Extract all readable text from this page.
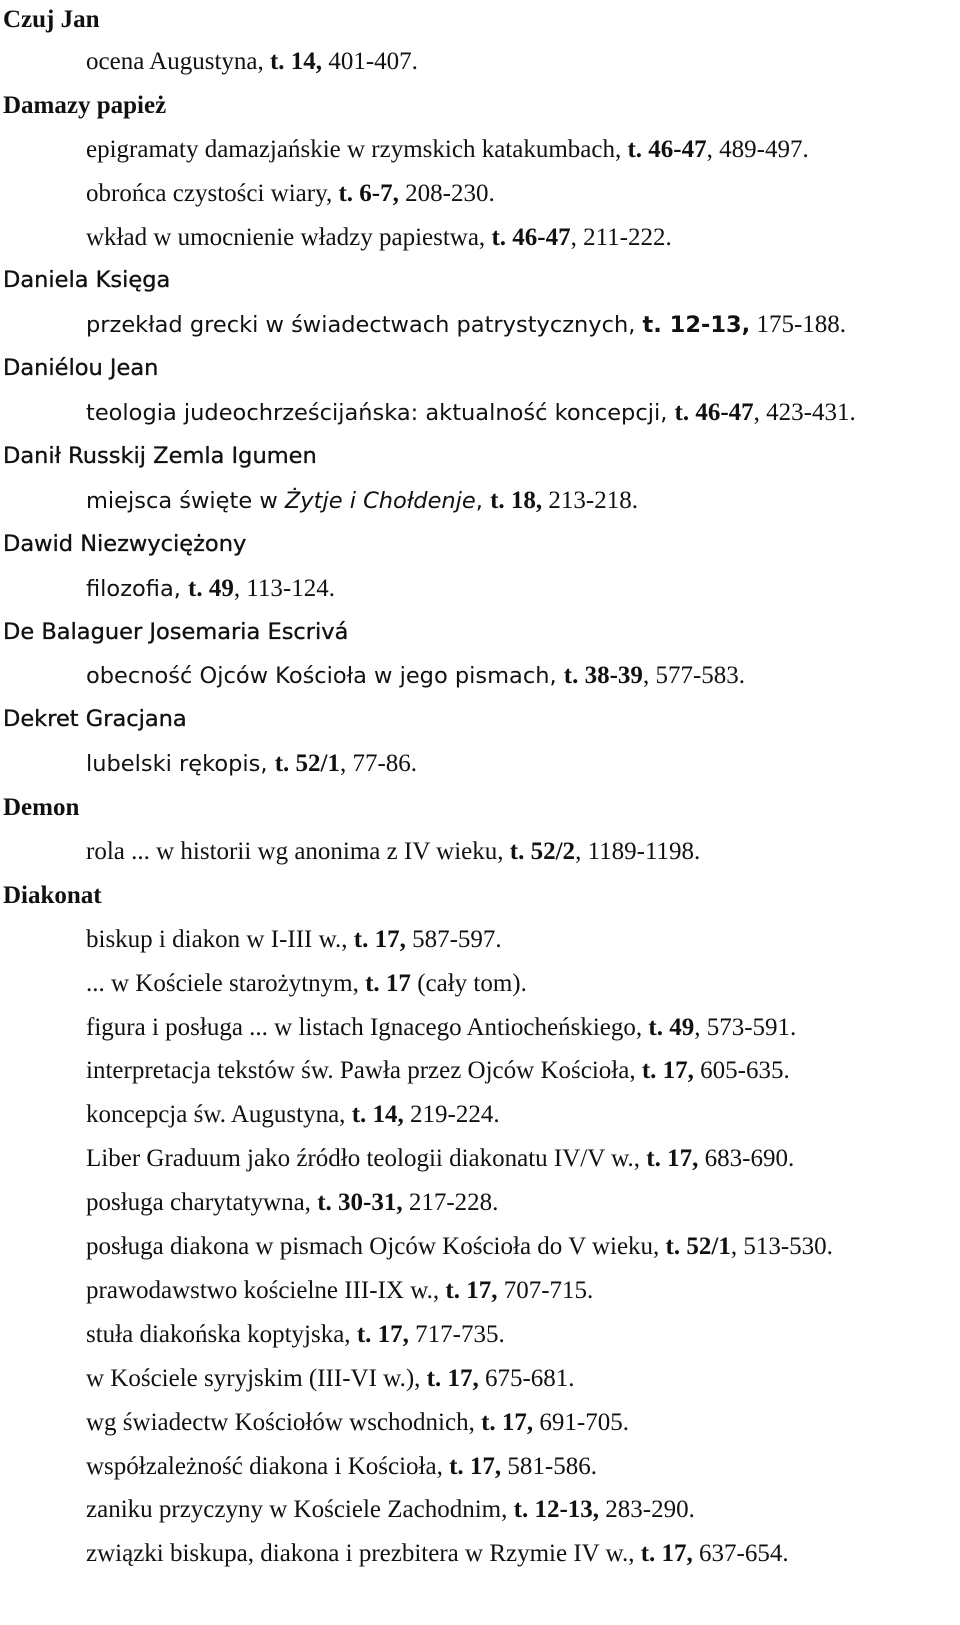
Czuj Jan
ocena Augustyna, t. 14, 401-407.
Damazy papież
epigramaty damazjańskie w rzymskich katakumbach, t. 46-47, 489-497.
obrońca czystości wiary, t. 6-7, 208-230.
wkład w umocnienie władzy papiestwa, t. 46-47, 211-222.
Daniela Księga
przekład grecki w świadectwach patrystycznych, t. 12-13, 175-188.
Daniélou Jean
teologia judeochrześcijańska: aktualność koncepcji, t. 46-47, 423-431.
Danił Russkij Zemla Igumen
miejsca święte w Żytje i Chołdenje, t. 18, 213-218.
Dawid Niezwyciężony
filozofia, t. 49, 113-124.
De Balaguer Josemaria Escrivá
obecność Ojców Kościoła w jego pismach, t. 38-39, 577-583.
Dekret Gracjana
lubelski rękopis, t. 52/1, 77-86.
Demon
rola ... w historii wg anonima z IV wieku, t. 52/2, 1189-1198.
Diakonat
biskup i diakon w I-III w., t. 17, 587-597.
... w Kościele starożytnym, t. 17 (cały tom).
figura i posługa ... w listach Ignacego Antiocheńskiego, t. 49, 573-591.
interpretacja tekstów św. Pawła przez Ojców Kościoła, t. 17, 605-635.
koncepcja św. Augustyna, t. 14, 219-224.
Liber Graduum jako źródło teologii diakonatu IV/V w., t. 17, 683-690.
posługa charytatywna, t. 30-31, 217-228.
posługa diakona w pismach Ojców Kościoła do V wieku, t. 52/1, 513-530.
prawodawstwo kościelne III-IX w., t. 17, 707-715.
stuła diakońska koptyjska, t. 17, 717-735.
w Kościele syryjskim (III-VI w.), t. 17, 675-681.
wg świadectw Kościołów wschodnich, t. 17, 691-705.
współzależność diakona i Kościoła, t. 17, 581-586.
zaniku przyczyny w Kościele Zachodnim, t. 12-13, 283-290.
związki biskupa, diakona i prezbitera w Rzymie IV w., t. 17, 637-654.
